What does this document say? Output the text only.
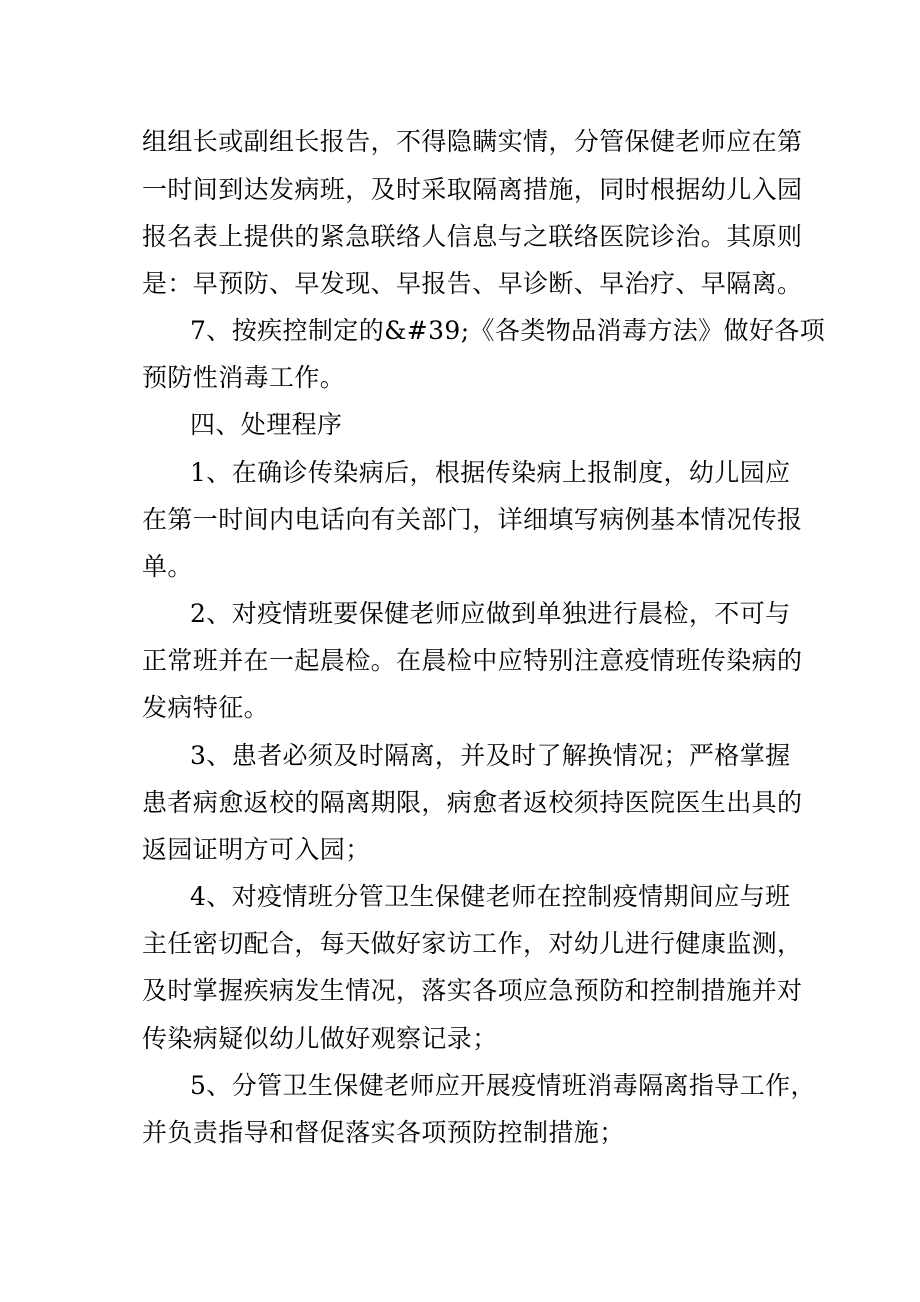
组组长或副组长报告，不得隐瞒实情，分管保健老师应在第
一时间到达发病班，及时采取隔离措施，同时根据幼儿入园
报名表上提供的紧急联络人信息与之联络医院诊治。其原则
是：早预防、早发现、早报告、早诊断、早治疗、早隔离。
7、按疾控制定的&#39;《各类物品消毒方法》做好各项
预防性消毒工作。
四、处理程序
1、在确诊传染病后，根据传染病上报制度，幼儿园应
在第一时间内电话向有关部门，详细填写病例基本情况传报
单。
2、对疫情班要保健老师应做到单独进行晨检，不可与
正常班并在一起晨检。在晨检中应特别注意疫情班传染病的
发病特征。
3、患者必须及时隔离，并及时了解换情况；严格掌握
患者病愈返校的隔离期限，病愈者返校须持医院医生出具的
返园证明方可入园；
4、对疫情班分管卫生保健老师在控制疫情期间应与班
主任密切配合，每天做好家访工作，对幼儿进行健康监测，
及时掌握疾病发生情况，落实各项应急预防和控制措施并对
传染病疑似幼儿做好观察记录；
5、分管卫生保健老师应开展疫情班消毒隔离指导工作，
并负责指导和督促落实各项预防控制措施；
